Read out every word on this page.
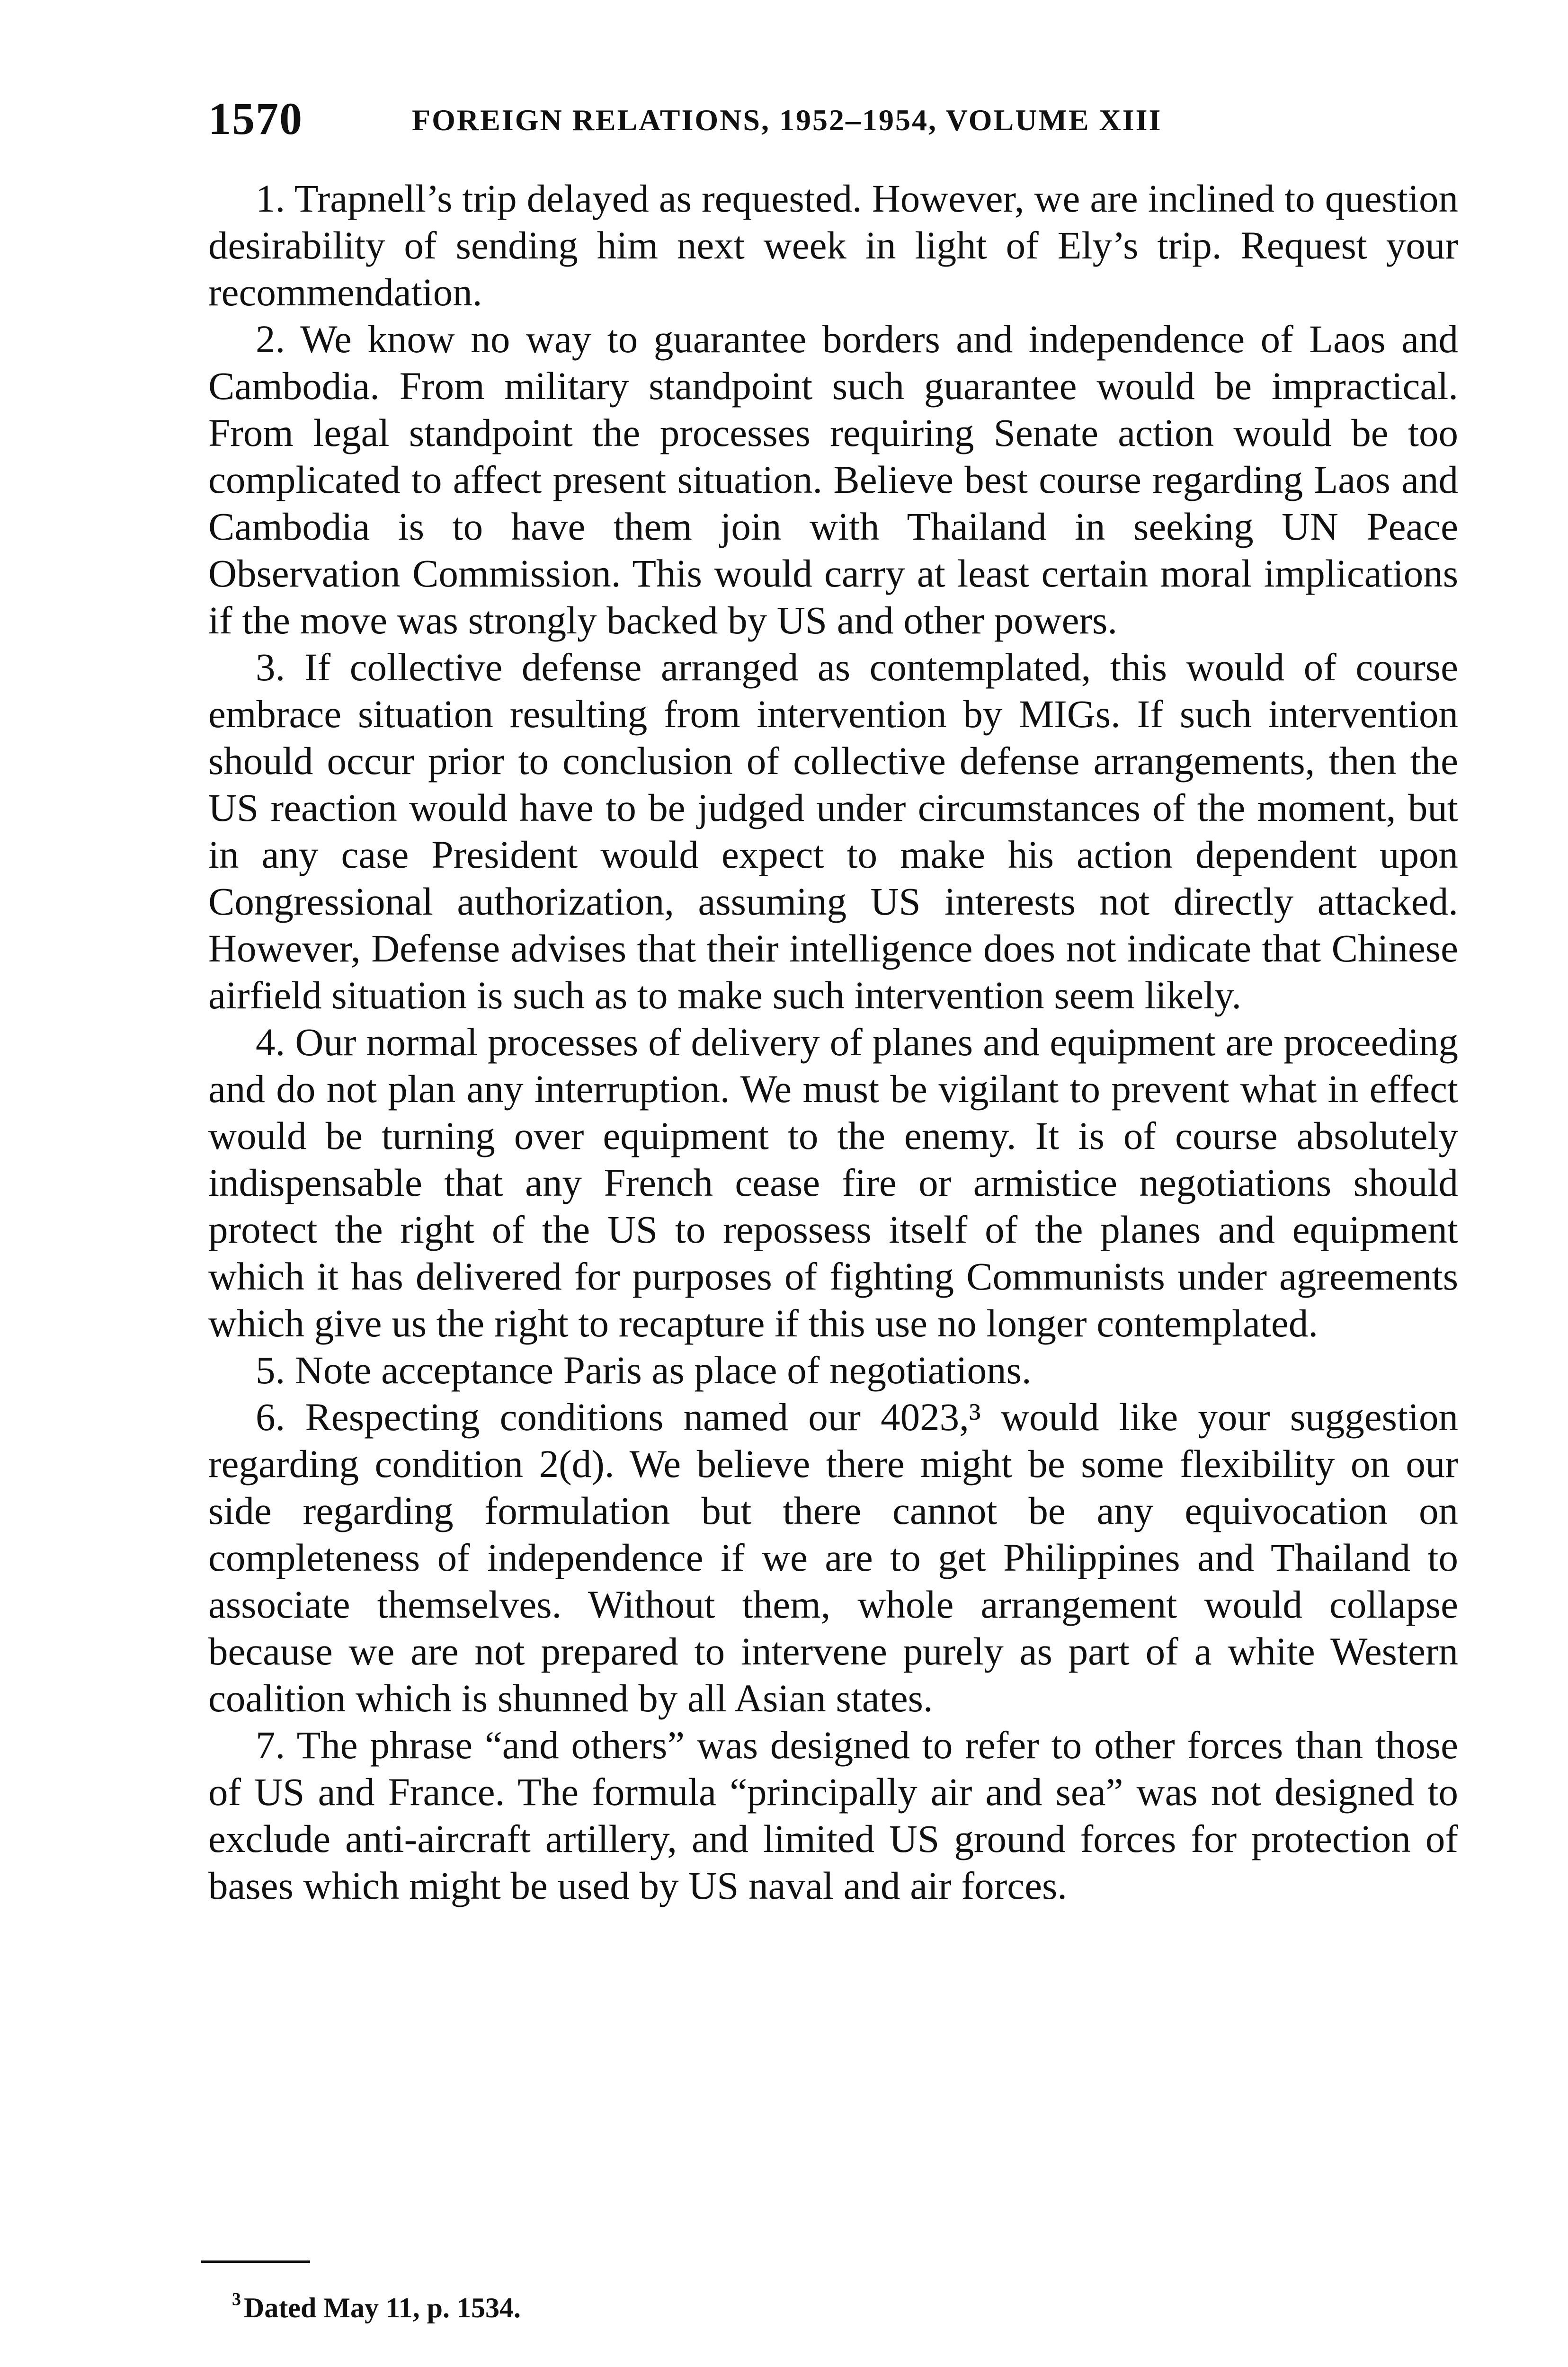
1570	FOREIGN RELATIONS, 1952–1954, VOLUME XIII

1. Trapnell’s trip delayed as requested. However, we are inclined to question desirability of sending him next week in light of Ely’s trip. Request your recommendation.

2. We know no way to guarantee borders and independence of Laos and Cambodia. From military standpoint such guarantee would be impractical. From legal standpoint the processes requiring Senate action would be too complicated to affect present situation. Believe best course regarding Laos and Cambodia is to have them join with Thailand in seeking UN Peace Observation Commission. This would carry at least certain moral implications if the move was strongly backed by US and other powers.

3. If collective defense arranged as contemplated, this would of course embrace situation resulting from intervention by MIGs. If such intervention should occur prior to conclusion of collective defense arrangements, then the US reaction would have to be judged under circumstances of the moment, but in any case President would expect to make his action dependent upon Congressional authorization, assuming US interests not directly attacked. However, Defense advises that their intelligence does not indicate that Chinese airfield situation is such as to make such intervention seem likely.

4. Our normal processes of delivery of planes and equipment are proceeding and do not plan any interruption. We must be vigilant to prevent what in effect would be turning over equipment to the enemy. It is of course absolutely indispensable that any French cease fire or armistice negotiations should protect the right of the US to repossess itself of the planes and equipment which it has delivered for purposes of fighting Communists under agreements which give us the right to recapture if this use no longer contemplated.

5. Note acceptance Paris as place of negotiations.

6. Respecting conditions named our 4023,³ would like your suggestion regarding condition 2(d). We believe there might be some flexibility on our side regarding formulation but there cannot be any equivocation on completeness of independence if we are to get Philippines and Thailand to associate themselves. Without them, whole arrangement would collapse because we are not prepared to intervene purely as part of a white Western coalition which is shunned by all Asian states.

7. The phrase “and others” was designed to refer to other forces than those of US and France. The formula “principally air and sea” was not designed to exclude anti-aircraft artillery, and limited US ground forces for protection of bases which might be used by US naval and air forces.

$^3$ Dated May 11, p. 1534.
